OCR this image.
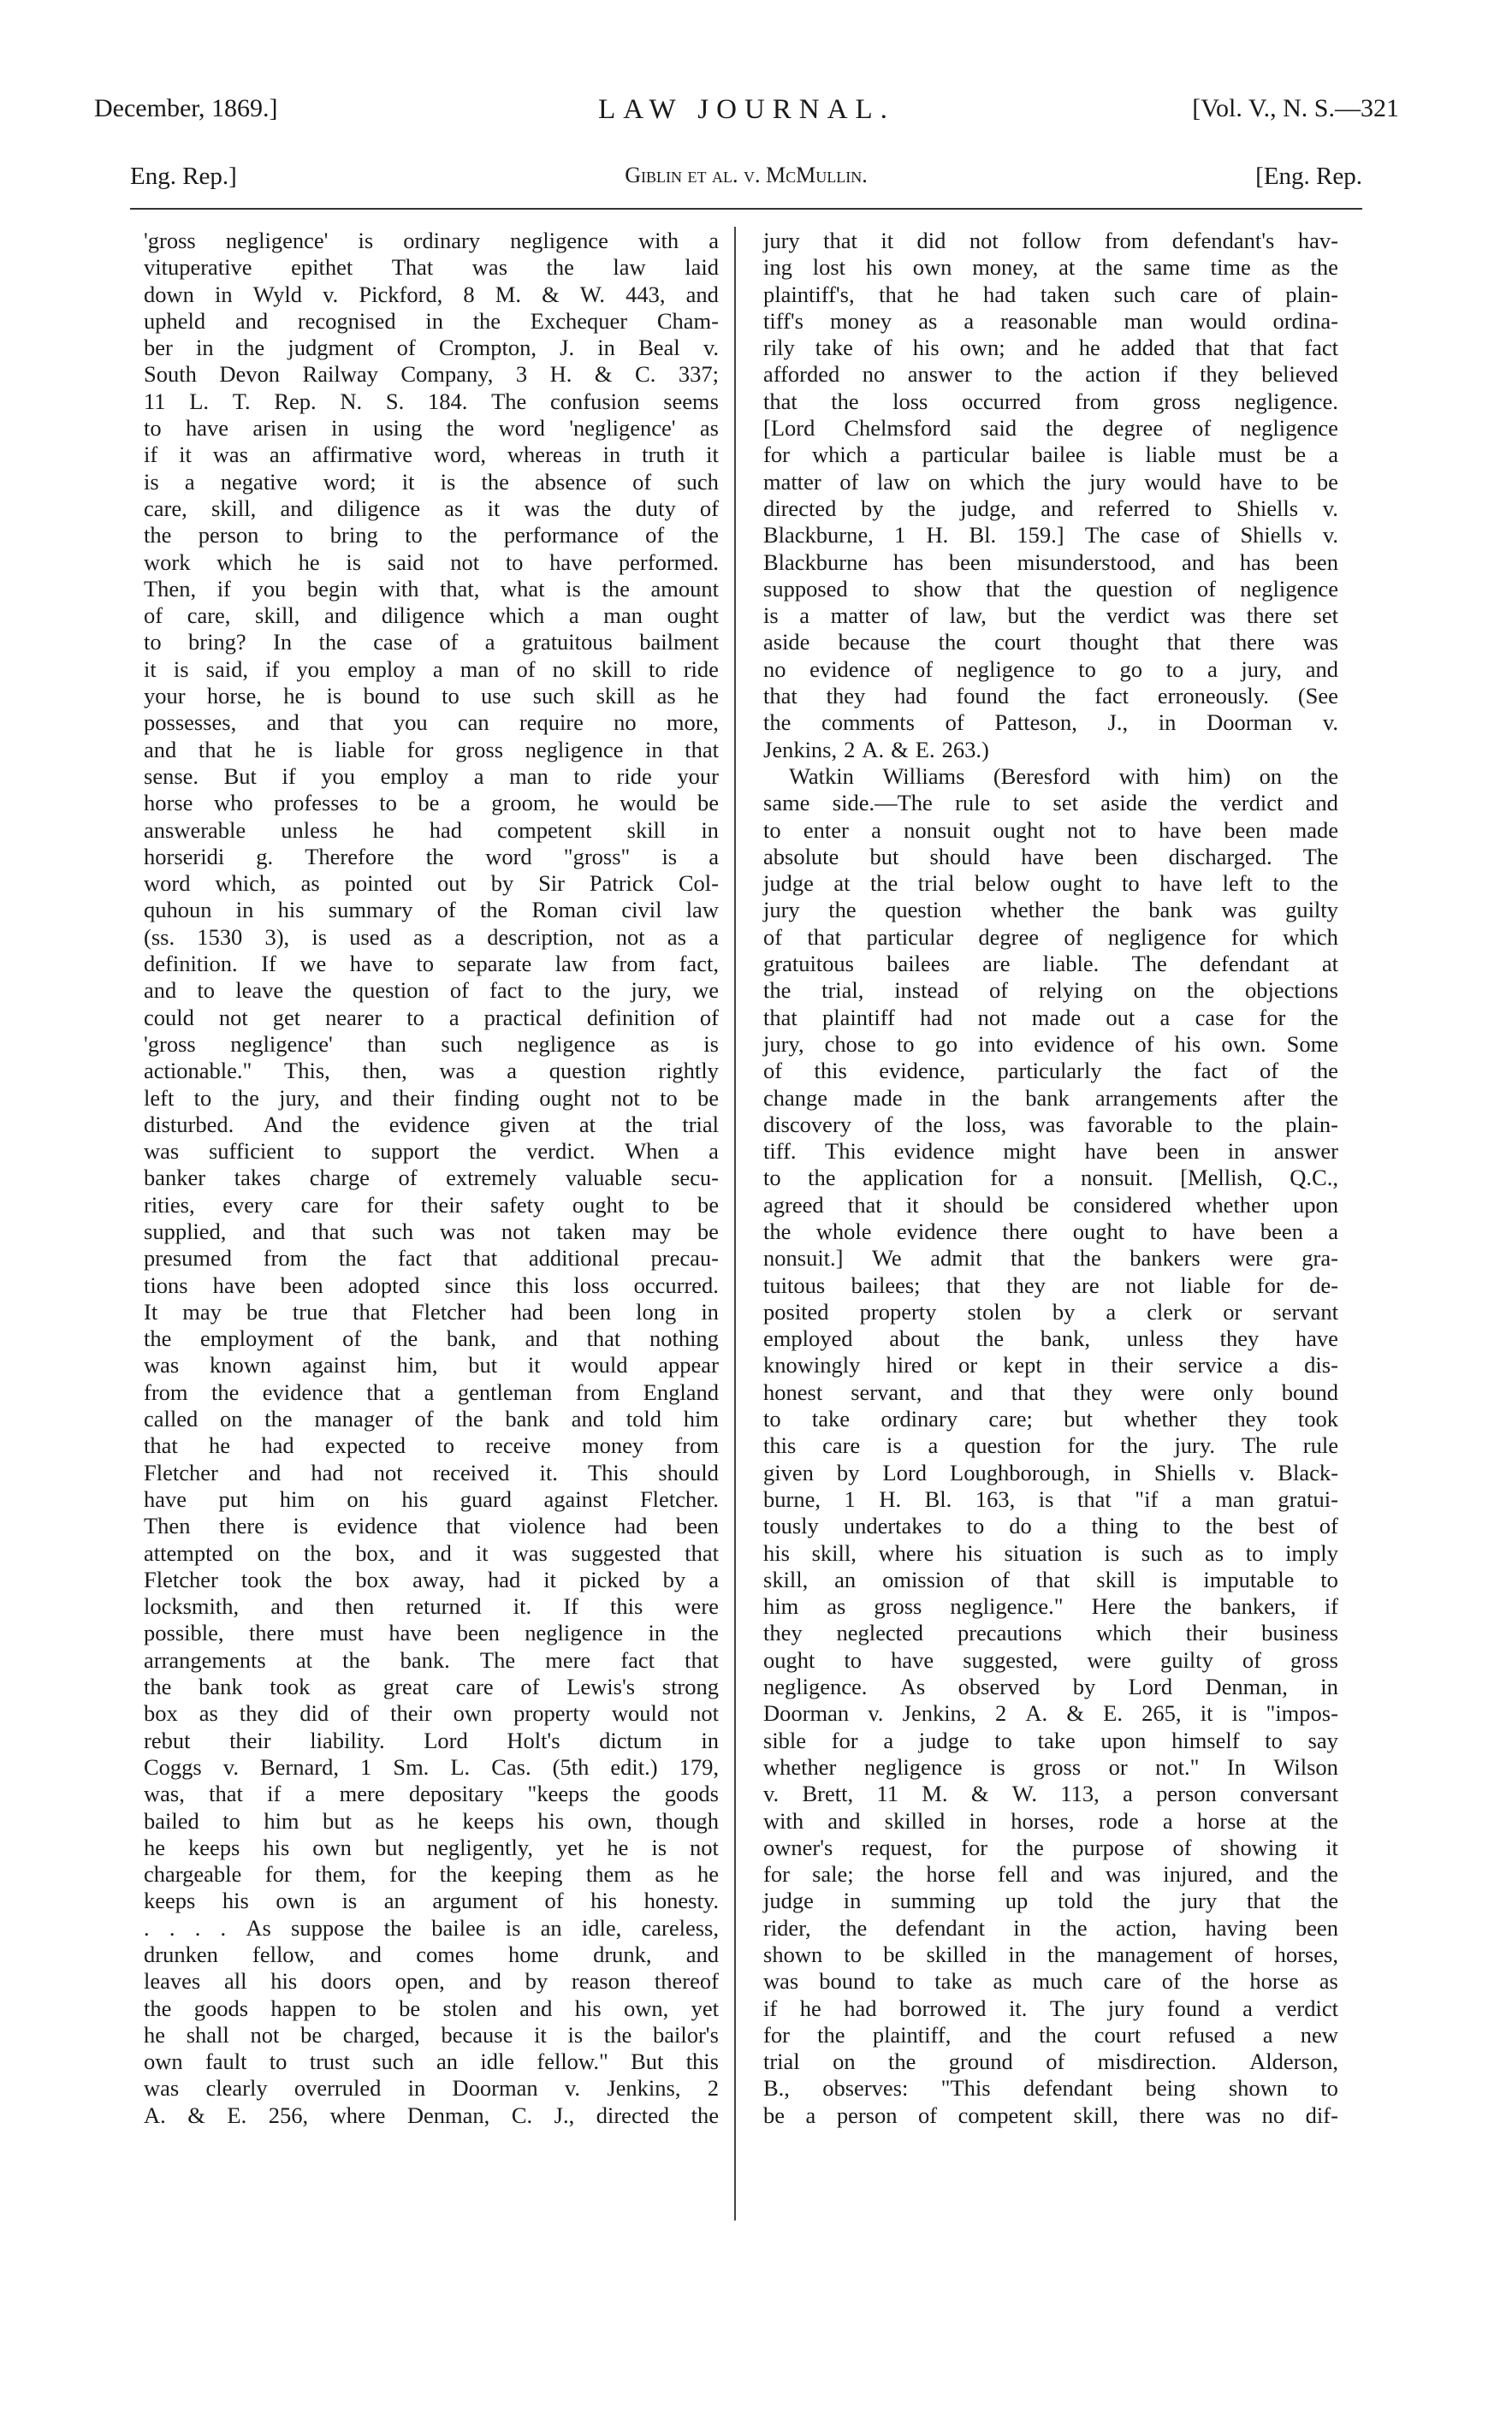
December, 1869.]	LAW JOURNAL.	[Vol. V., N. S.—321
Eng. Rep.]	Giblin et al. v. McMullin.	[Eng. Rep.
'gross negligence' is ordinary negligence with a
vituperative epithet That was the law laid
down in Wyld v. Pickford, 8 M. & W. 443, and
upheld and recognised in the Exchequer Cham-
ber in the judgment of Crompton, J. in Beal v.
South Devon Railway Company, 3 H. & C. 337;
11 L. T. Rep. N. S. 184. The confusion seems
to have arisen in using the word 'negligence' as
if it was an affirmative word, whereas in truth it
is a negative word; it is the absence of such
care, skill, and diligence as it was the duty of
the person to bring to the performance of the
work which he is said not to have performed.
Then, if you begin with that, what is the amount
of care, skill, and diligence which a man ought
to bring? In the case of a gratuitous bailment
it is said, if you employ a man of no skill to ride
your horse, he is bound to use such skill as he
possesses, and that you can require no more,
and that he is liable for gross negligence in that
sense. But if you employ a man to ride your
horse who professes to be a groom, he would be
answerable unless he had competent skill in
horseridi g. Therefore the word "gross" is a
word which, as pointed out by Sir Patrick Col-
quhoun in his summary of the Roman civil law
(ss. 1530 3), is used as a description, not as a
definition. If we have to separate law from fact,
and to leave the question of fact to the jury, we
could not get nearer to a practical definition of
'gross negligence' than such negligence as is
actionable." This, then, was a question rightly
left to the jury, and their finding ought not to be
disturbed. And the evidence given at the trial
was sufficient to support the verdict. When a
banker takes charge of extremely valuable secu-
rities, every care for their safety ought to be
supplied, and that such was not taken may be
presumed from the fact that additional precau-
tions have been adopted since this loss occurred.
It may be true that Fletcher had been long in
the employment of the bank, and that nothing
was known against him, but it would appear
from the evidence that a gentleman from England
called on the manager of the bank and told him
that he had expected to receive money from
Fletcher and had not received it. This should
have put him on his guard against Fletcher.
Then there is evidence that violence had been
attempted on the box, and it was suggested that
Fletcher took the box away, had it picked by a
locksmith, and then returned it. If this were
possible, there must have been negligence in the
arrangements at the bank. The mere fact that
the bank took as great care of Lewis's strong
box as they did of their own property would not
rebut their liability. Lord Holt's dictum in
Coggs v. Bernard, 1 Sm. L. Cas. (5th edit.) 179,
was, that if a mere depositary "keeps the goods
bailed to him but as he keeps his own, though
he keeps his own but negligently, yet he is not
chargeable for them, for the keeping them as he
keeps his own is an argument of his honesty.
. . . . As suppose the bailee is an idle, careless,
drunken fellow, and comes home drunk, and
leaves all his doors open, and by reason thereof
the goods happen to be stolen and his own, yet
he shall not be charged, because it is the bailor's
own fault to trust such an idle fellow." But this
was clearly overruled in Doorman v. Jenkins, 2
A. & E. 256, where Denman, C. J., directed the
jury that it did not follow from defendant's hav-
ing lost his own money, at the same time as the
plaintiff's, that he had taken such care of plain-
tiff's money as a reasonable man would ordina-
rily take of his own; and he added that that fact
afforded no answer to the action if they believed
that the loss occurred from gross negligence.
[Lord Chelmsford said the degree of negligence
for which a particular bailee is liable must be a
matter of law on which the jury would have to be
directed by the judge, and referred to Shiells v.
Blackburne, 1 H. Bl. 159.] The case of Shiells v.
Blackburne has been misunderstood, and has been
supposed to show that the question of negligence
is a matter of law, but the verdict was there set
aside because the court thought that there was
no evidence of negligence to go to a jury, and
that they had found the fact erroneously. (See
the comments of Patteson, J., in Doorman v.
Jenkins, 2 A. & E. 263.)
Watkin Williams (Beresford with him) on the
same side.—The rule to set aside the verdict and
to enter a nonsuit ought not to have been made
absolute but should have been discharged. The
judge at the trial below ought to have left to the
jury the question whether the bank was guilty
of that particular degree of negligence for which
gratuitous bailees are liable. The defendant at
the trial, instead of relying on the objections
that plaintiff had not made out a case for the
jury, chose to go into evidence of his own. Some
of this evidence, particularly the fact of the
change made in the bank arrangements after the
discovery of the loss, was favorable to the plain-
tiff. This evidence might have been in answer
to the application for a nonsuit. [Mellish, Q.C.,
agreed that it should be considered whether upon
the whole evidence there ought to have been a
nonsuit.] We admit that the bankers were gra-
tuitous bailees; that they are not liable for de-
posited property stolen by a clerk or servant
employed about the bank, unless they have
knowingly hired or kept in their service a dis-
honest servant, and that they were only bound
to take ordinary care; but whether they took
this care is a question for the jury. The rule
given by Lord Loughborough, in Shiells v. Black-
burne, 1 H. Bl. 163, is that "if a man gratui-
tously undertakes to do a thing to the best of
his skill, where his situation is such as to imply
skill, an omission of that skill is imputable to
him as gross negligence." Here the bankers, if
they neglected precautions which their business
ought to have suggested, were guilty of gross
negligence. As observed by Lord Denman, in
Doorman v. Jenkins, 2 A. & E. 265, it is "impos-
sible for a judge to take upon himself to say
whether negligence is gross or not." In Wilson
v. Brett, 11 M. & W. 113, a person conversant
with and skilled in horses, rode a horse at the
owner's request, for the purpose of showing it
for sale; the horse fell and was injured, and the
judge in summing up told the jury that the
rider, the defendant in the action, having been
shown to be skilled in the management of horses,
was bound to take as much care of the horse as
if he had borrowed it. The jury found a verdict
for the plaintiff, and the court refused a new
trial on the ground of misdirection. Alderson,
B., observes: "This defendant being shown to
be a person of competent skill, there was no dif-
